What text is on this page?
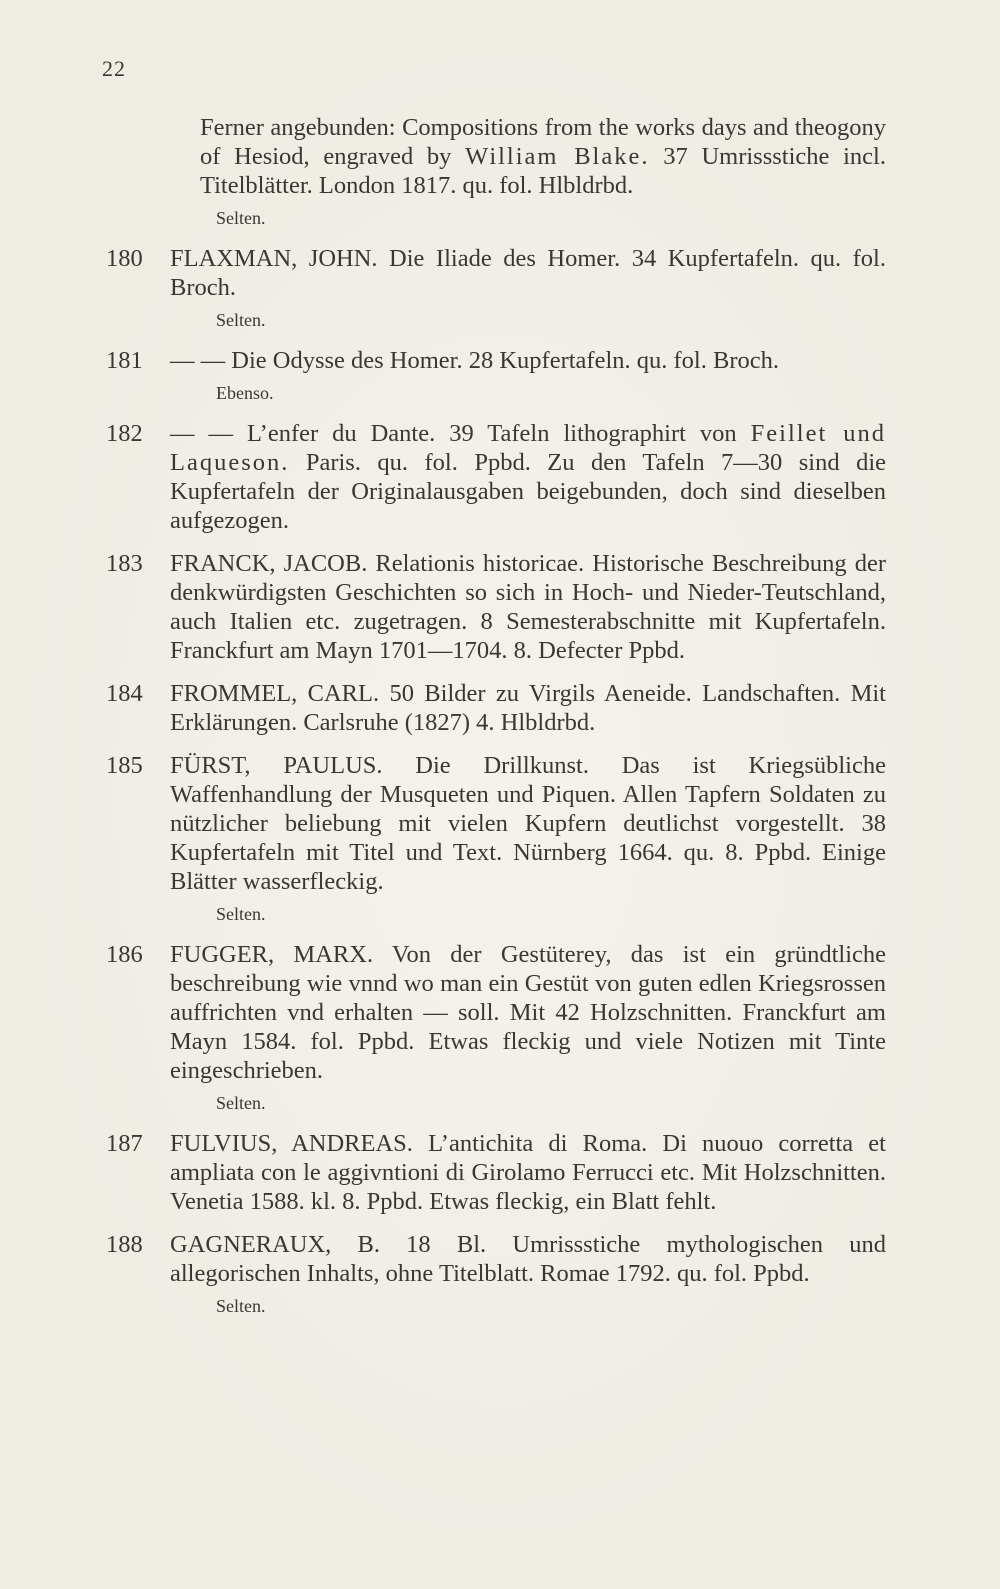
22
Ferner angebunden: Compositions from the works days and theogony of Hesiod, engraved by William Blake. 37 Umrissstiche incl. Titelblätter. London 1817. qu. fol. Hlbldrbd.
Selten.
180	FLAXMAN, JOHN. Die Iliade des Homer. 34 Kupfertafeln. qu. fol. Broch.
Selten.
181	— — Die Odysse des Homer. 28 Kupfertafeln. qu. fol. Broch.
Ebenso.
182	— — L’enfer du Dante. 39 Tafeln lithographirt von Feillet und Laqueson. Paris. qu. fol. Ppbd. Zu den Tafeln 7—30 sind die Kupfertafeln der Originalausgaben beigebunden, doch sind dieselben aufgezogen.
183	FRANCK, JACOB. Relationis historicae. Historische Beschreibung der denkwürdigsten Geschichten so sich in Hoch- und Nieder-Teutschland, auch Italien etc. zugetragen. 8 Semesterabschnitte mit Kupfertafeln. Franckfurt am Mayn 1701—1704. 8. Defecter Ppbd.
184	FROMMEL, CARL. 50 Bilder zu Virgils Aeneide. Landschaften. Mit Erklärungen. Carlsruhe (1827) 4. Hlbldrbd.
185	FÜRST, PAULUS. Die Drillkunst. Das ist Kriegsübliche Waffenhandlung der Musqueten und Piquen. Allen Tapfern Soldaten zu nützlicher beliebung mit vielen Kupfern deutlichst vorgestellt. 38 Kupfertafeln mit Titel und Text. Nürnberg 1664. qu. 8. Ppbd. Einige Blätter wasserfleckig.
Selten.
186	FUGGER, MARX. Von der Gestüterey, das ist ein gründtliche beschreibung wie vnnd wo man ein Gestüt von guten edlen Kriegsrossen auffrichten vnd erhalten — soll. Mit 42 Holzschnitten. Franckfurt am Mayn 1584. fol. Ppbd. Etwas fleckig und viele Notizen mit Tinte eingeschrieben.
Selten.
187	FULVIUS, ANDREAS. L’antichita di Roma. Di nuouo corretta et ampliata con le aggivntioni di Girolamo Ferrucci etc. Mit Holzschnitten. Venetia 1588. kl. 8. Ppbd. Etwas fleckig, ein Blatt fehlt.
188	GAGNERAUX, B. 18 Bl. Umrissstiche mythologischen und allegorischen Inhalts, ohne Titelblatt. Romae 1792. qu. fol. Ppbd.
Selten.
